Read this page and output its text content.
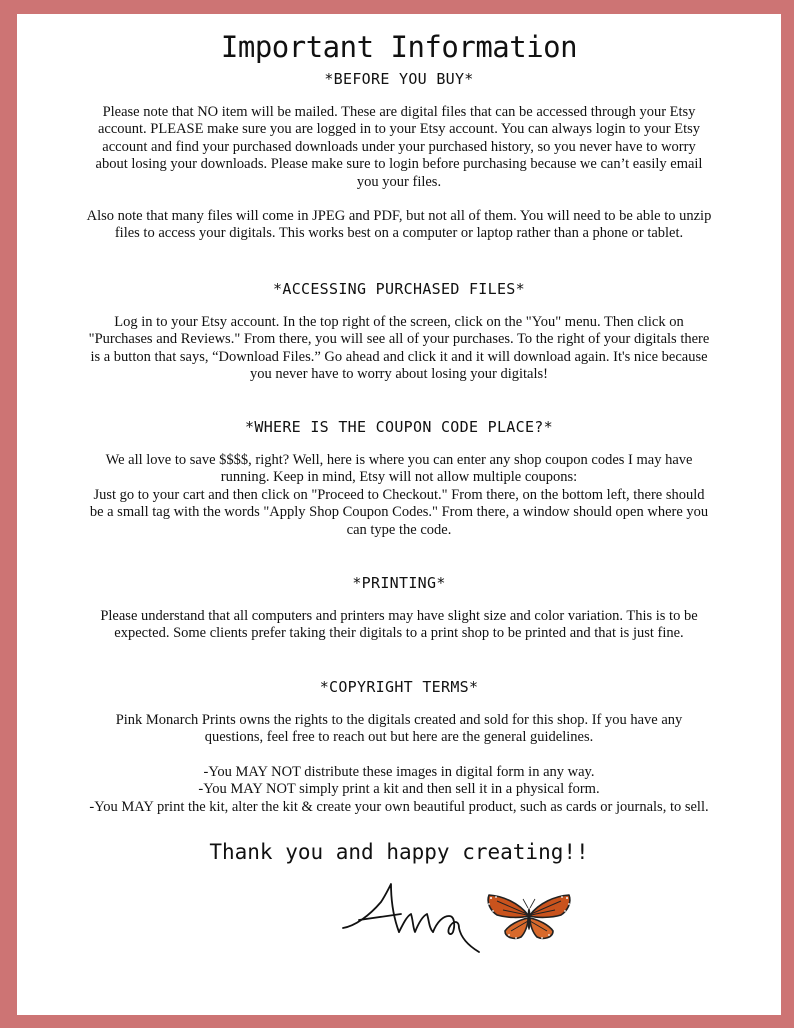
Important Information
*BEFORE YOU BUY*

Please note that NO item will be mailed. These are digital files that can be accessed through your Etsy
account. PLEASE make sure you are logged in to your Etsy account. You can always login to your Etsy
account and find your purchased downloads under your purchased history, so you never have to worry
about losing your downloads. Please make sure to login before purchasing because we can’t easily email
you your files.

Also note that many files will come in JPEG and PDF, but not all of them. You will need to be able to unzip
files to access your digitals. This works best on a computer or laptop rather than a phone or tablet.

*ACCESSING PURCHASED FILES*

Log in to your Etsy account. In the top right of the screen, click on the "You" menu. Then click on
"Purchases and Reviews." From there, you will see all of your purchases. To the right of your digitals there
is a button that says, “Download Files.” Go ahead and click it and it will download again. It's nice because
you never have to worry about losing your digitals!

*WHERE IS THE COUPON CODE PLACE?*

We all love to save $$$$, right? Well, here is where you can enter any shop coupon codes I may have
running. Keep in mind, Etsy will not allow multiple coupons:
Just go to your cart and then click on "Proceed to Checkout." From there, on the bottom left, there should
be a small tag with the words "Apply Shop Coupon Codes." From there, a window should open where you
can type the code.

*PRINTING*

Please understand that all computers and printers may have slight size and color variation. This is to be
expected. Some clients prefer taking their digitals to a print shop to be printed and that is just fine.

*COPYRIGHT TERMS*

Pink Monarch Prints owns the rights to the digitals created and sold for this shop. If you have any
questions, feel free to reach out but here are the general guidelines.

-You MAY NOT distribute these images in digital form in any way.
-You MAY NOT simply print a kit and then sell it in a physical form.
-You MAY print the kit, alter the kit & create your own beautiful product, such as cards or journals, to sell.

Thank you and happy creating!!
